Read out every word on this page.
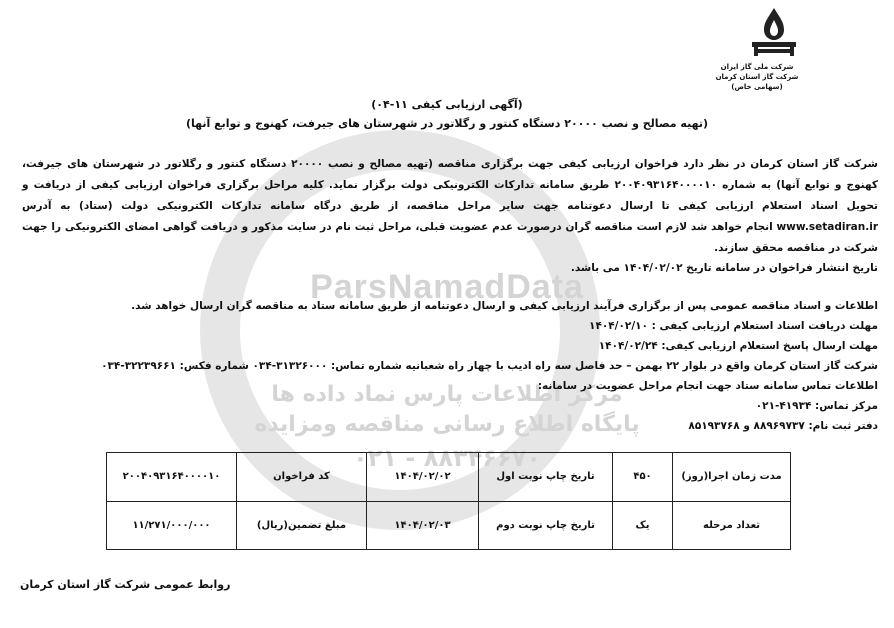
ParsNamadData
مرکز اطلاعات پارس نماد داده ها
پایگاه اطلاع رسانی مناقصه ومزایده
۰۲۱ - ۸۸۳۴۶۶۷۰
شرکت ملی گاز ایران
شرکت گاز استان کرمان
(سهامی خاص)
(آگهی ارزیابی کیفی ۱۱-۰۴)
(تهیه مصالح و نصب ۲۰۰۰۰ دستگاه کنتور و رگلاتور در شهرستان های جیرفت، کهنوج و توابع آنها)
شرکت گاز استان کرمان در نظر دارد فراخوان ارزیابی کیفی جهت برگزاری مناقصه (تهیه مصالح و نصب ۲۰۰۰۰ دستگاه کنتور و رگلاتور در شهرستان های جیرفت، کهنوج و توابع آنها) به شماره ۲۰۰۴۰۹۳۱۶۴۰۰۰۰۱۰ طریق سامانه تدارکات الکترونیکی دولت برگزار نماید. کلیه مراحل برگزاری فراخوان ارزیابی کیفی از دریافت و تحویل اسناد استعلام ارزیابی کیفی تا ارسال دعوتنامه جهت سایر مراحل مناقصه، از طریق درگاه سامانه تدارکات الکترونیکی دولت (ستاد) به آدرس www.setadiran.ir انجام خواهد شد لازم است مناقصه گران درصورت عدم عضویت قبلی، مراحل ثبت نام در سایت مذکور و دریافت گواهی امضای الکترونیکی را جهت شرکت در مناقصه محقق سازند.
تاریخ انتشار فراخوان در سامانه تاریخ ۱۴۰۴/۰۲/۰۲ می باشد.
اطلاعات و اسناد مناقصه عمومی پس از برگزاری فرآیند ارزیابی کیفی و ارسال دعوتنامه از طریق سامانه ستاد به مناقصه گران ارسال خواهد شد.
مهلت دریافت اسناد استعلام ارزیابی کیفی : ۱۴۰۴/۰۲/۱۰
مهلت ارسال پاسخ استعلام ارزیابی کیفی: ۱۴۰۴/۰۲/۲۴
شرکت گاز استان کرمان واقع در بلوار ۲۲ بهمن – حد فاصل سه راه ادیب با چهار راه شعبانیه شماره تماس: ۳۱۳۲۶۰۰۰-۰۳۴ شماره فکس: ۳۲۲۳۹۶۶۱-۰۳۴
اطلاعات تماس سامانه ستاد جهت انجام مراحل عضویت در سامانه:
مرکز تماس: ۴۱۹۳۴-۰۲۱
دفتر ثبت نام: ۸۸۹۶۹۷۳۷ و ۸۵۱۹۳۷۶۸
مدت زمان اجرا(روز)	۴۵۰	تاریخ چاپ نوبت اول	۱۴۰۴/۰۲/۰۲	کد فراخوان	۲۰۰۴۰۹۳۱۶۴۰۰۰۰۱۰
تعداد مرحله	یک	تاریخ چاپ نوبت دوم	۱۴۰۴/۰۲/۰۳	مبلغ تضمین(ریال)	۱۱/۲۷۱/۰۰۰/۰۰۰
روابط عمومی شرکت گاز استان کرمان
